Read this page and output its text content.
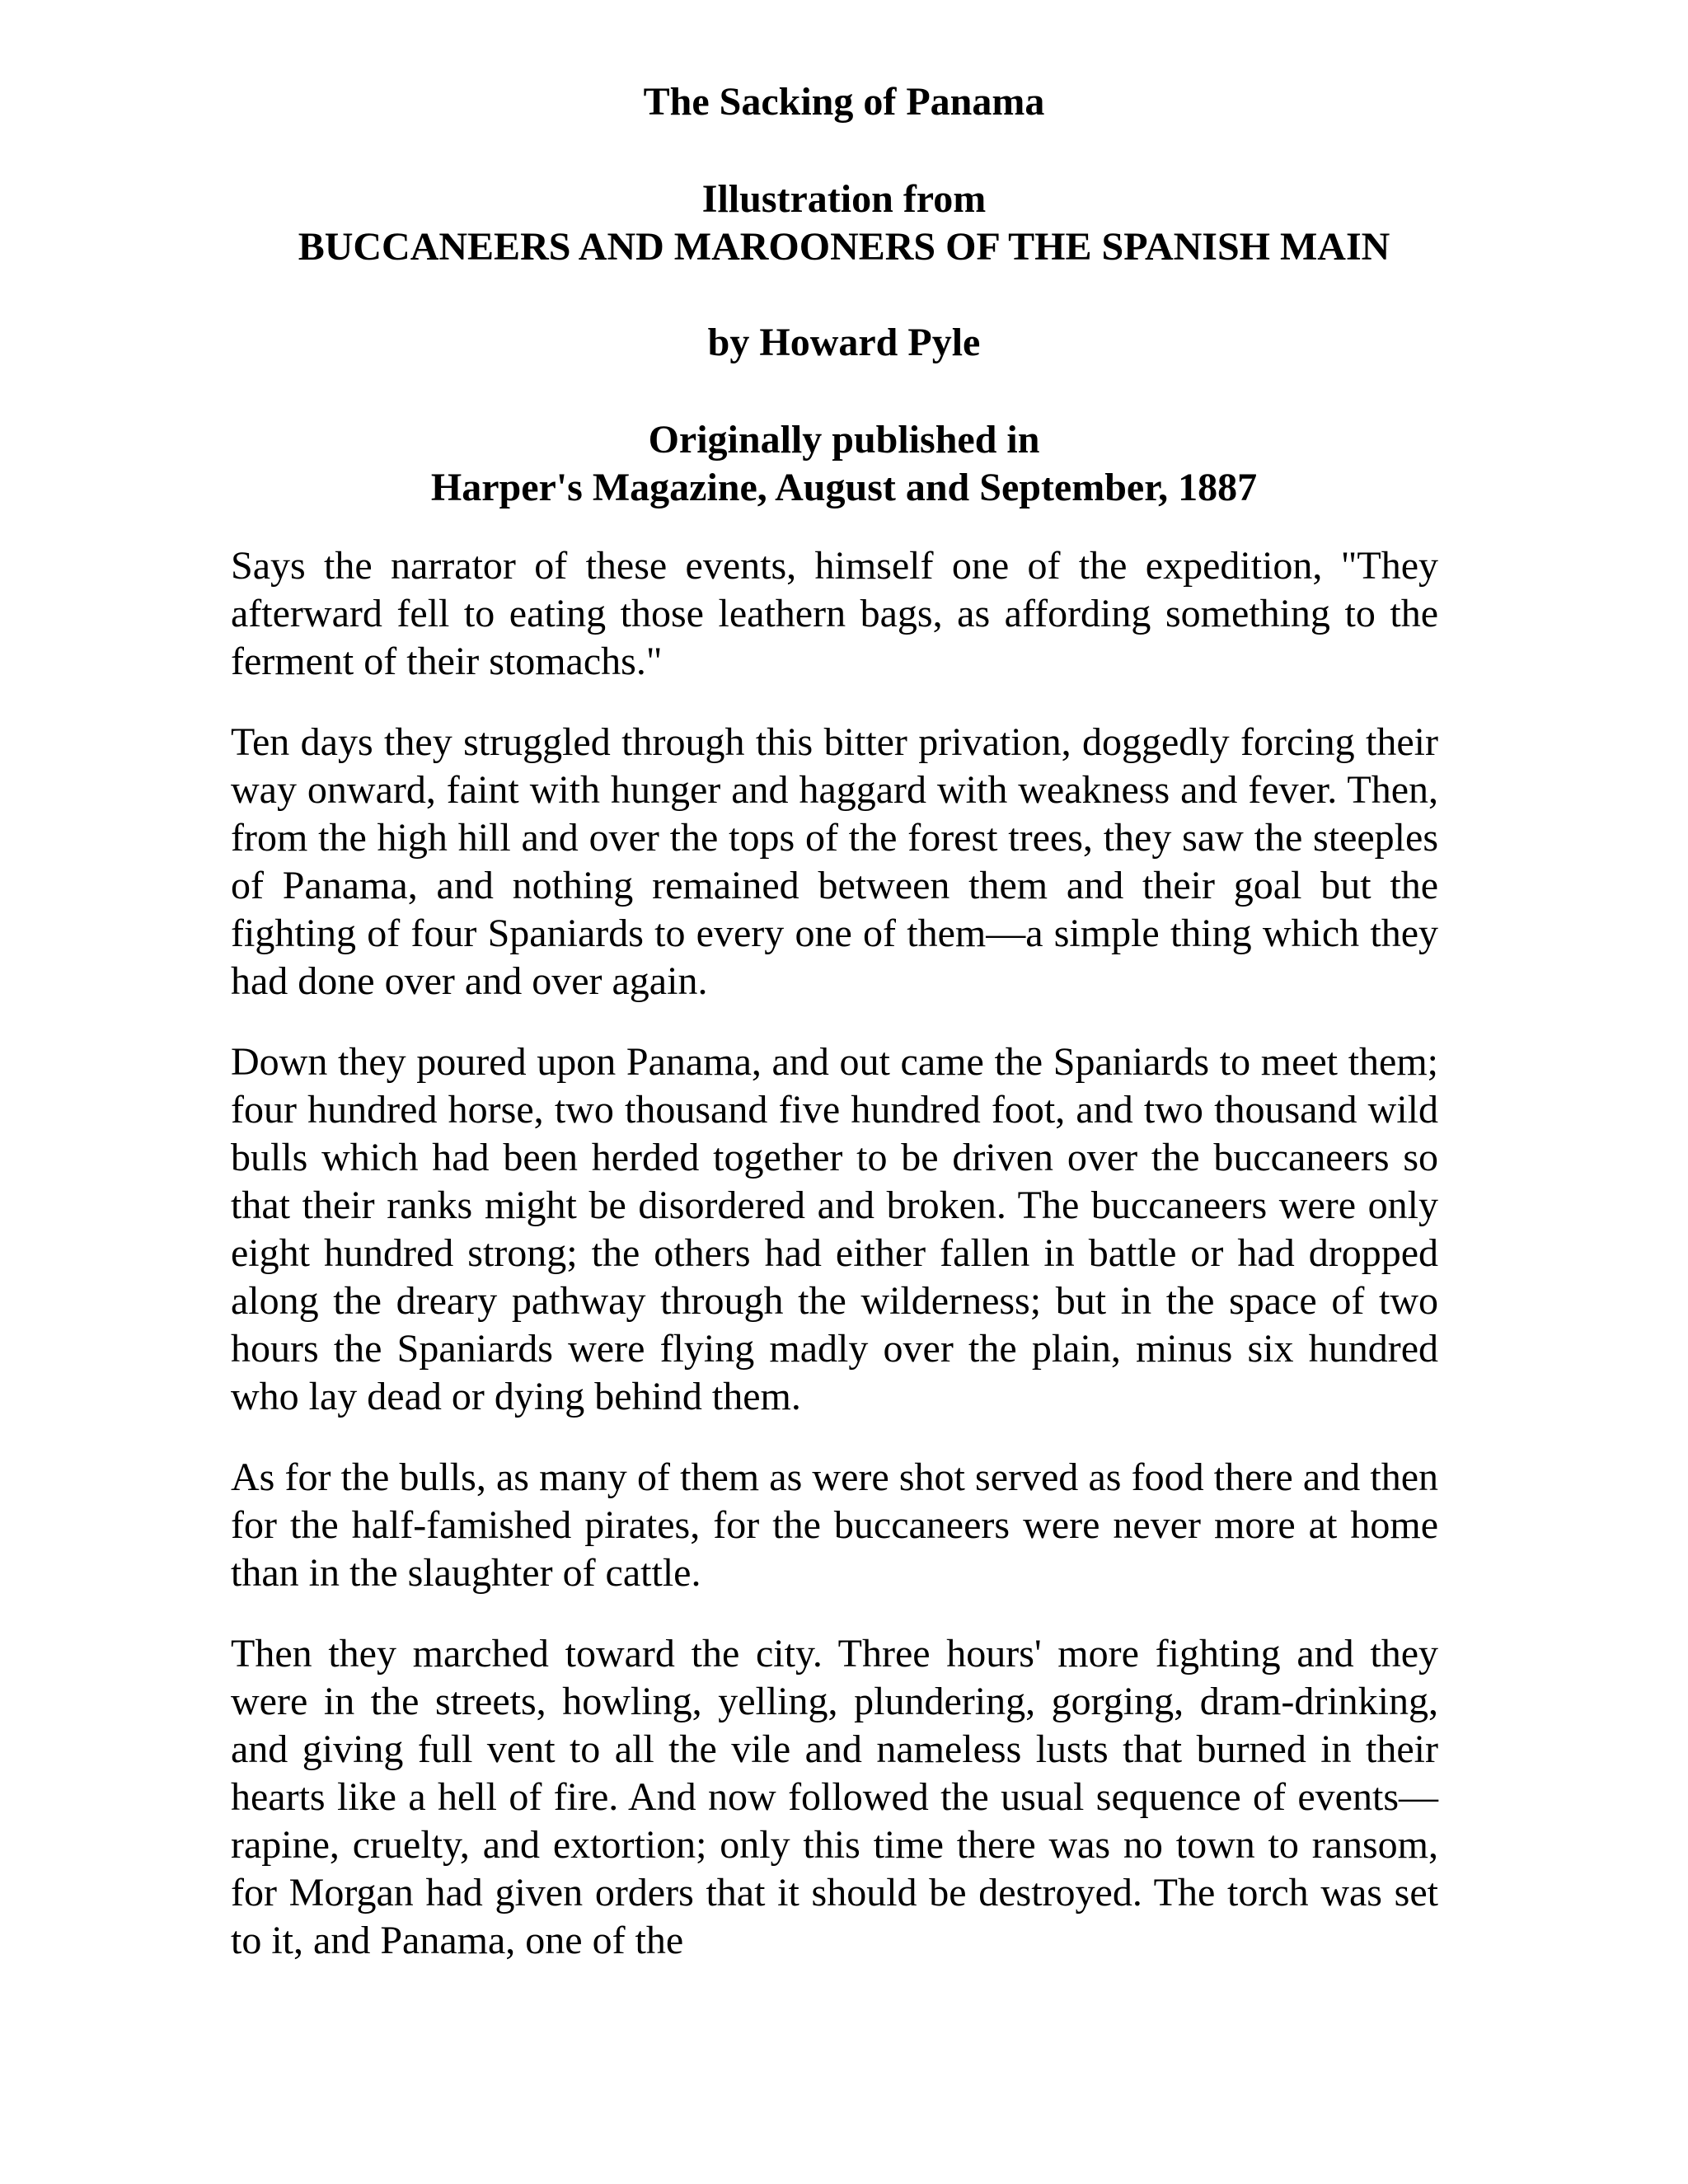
The Sacking of Panama
Illustration from
BUCCANEERS AND MAROONERS OF THE SPANISH MAIN
by Howard Pyle
Originally published in
Harper's Magazine, August and September, 1887

Says the narrator of these events, himself one of the expedition, "They afterward fell to eating those leathern bags, as affording something to the ferment of their stomachs."

Ten days they struggled through this bitter privation, doggedly forcing their way onward, faint with hunger and haggard with weakness and fever. Then, from the high hill and over the tops of the forest trees, they saw the steeples of Panama, and nothing remained between them and their goal but the fighting of four Spaniards to every one of them—a simple thing which they had done over and over again.

Down they poured upon Panama, and out came the Spaniards to meet them; four hundred horse, two thousand five hundred foot, and two thousand wild bulls which had been herded together to be driven over the buccaneers so that their ranks might be disordered and broken. The buccaneers were only eight hundred strong; the others had either fallen in battle or had dropped along the dreary pathway through the wilderness; but in the space of two hours the Spaniards were flying madly over the plain, minus six hundred who lay dead or dying behind them.

As for the bulls, as many of them as were shot served as food there and then for the half-famished pirates, for the buccaneers were never more at home than in the slaughter of cattle.

Then they marched toward the city. Three hours' more fighting and they were in the streets, howling, yelling, plundering, gorging, dram-drinking, and giving full vent to all the vile and nameless lusts that burned in their hearts like a hell of fire. And now followed the usual sequence of events—rapine, cruelty, and extortion; only this time there was no town to ransom, for Morgan had given orders that it should be destroyed. The torch was set to it, and Panama, one of the
